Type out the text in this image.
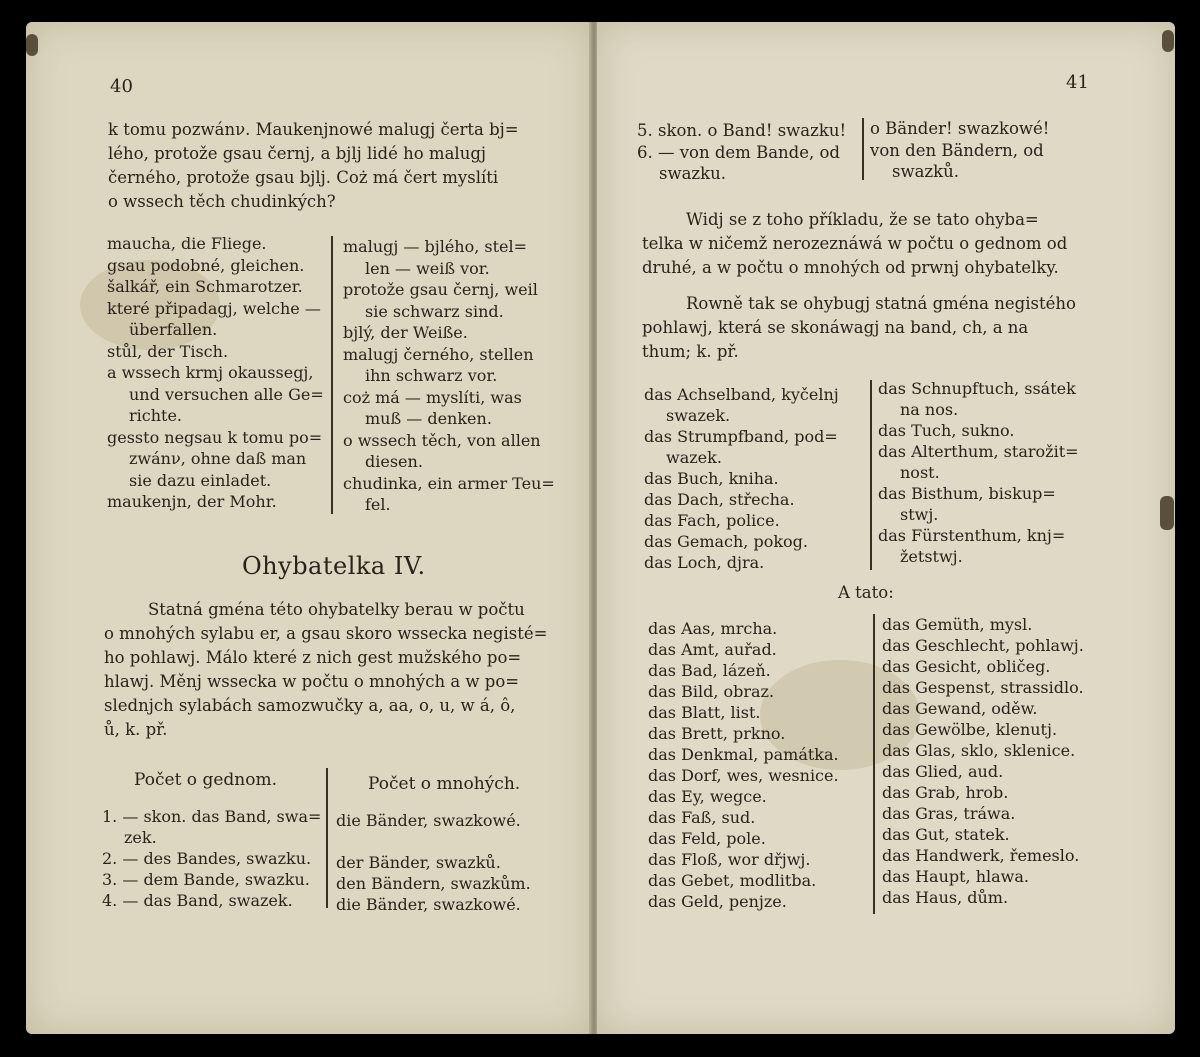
40
k tomu pozwánν. Maukenjnowé malugj čerta bj=
lého, protože gsau černj, a bjlj lidé ho malugj
černého, protože gsau bjlj. Coż má čert myslíti
o wssech těch chudinkých?
maucha, die Fliege.
gsau podobné, gleichen.
šalkář, ein Schmarotzer.
které připadagj, welche —
überfallen.
stůl, der Tisch.
a wssech krmj okaussegj,
und versuchen alle Ge=
richte.
gessto negsau k tomu po=
zwánν, ohne daß man
sie dazu einladet.
maukenjn, der Mohr.
malugj — bjlého, stel=
len — weiß vor.
protože gsau černj, weil
sie schwarz sind.
bjlý, der Weiße.
malugj černého, stellen
ihn schwarz vor.
coż má — myslíti, was
muß — denken.
o wssech těch, von allen
diesen.
chudinka, ein armer Teu=
fel.
Ohybatelka IV.
Statná gména této ohybatelky berau w počtu
o mnohých sylabu er, a gsau skoro wssecka negisté=
ho pohlawj. Málo které z nich gest mužského po=
hlawj. Měnj wssecka w počtu o mnohých a w po=
slednjch sylabách samozwučky a, aa, o, u, w á, ô,
ů, k. př.
Počet o gednom.	Počet o mnohých.
1. — skon. das Band, swa=
zek.
2. — des Bandes, swazku.
3. — dem Bande, swazku.
4. — das Band, swazek.
die Bänder, swazkowé.

der Bänder, swazků.
den Bändern, swazkům.
die Bänder, swazkowé.
41
5. skon. o Band! swazku!
6. — von dem Bande, od
swazku.
o Bänder! swazkowé!
von den Bändern, od
swazků.
Widj se z toho příkladu, že se tato ohyba=
telka w ničemž nerozeznáwá w počtu o gednom od
druhé, a w počtu o mnohých od prwnj ohybatelky.
Rowně tak se ohybugj statná gména negistého
pohlawj, která se skonáwagj na band, ch, a na
thum; k. př.
das Achselband, kyčelnj
swazek.
das Strumpfband, pod=
wazek.
das Buch, kniha.
das Dach, střecha.
das Fach, police.
das Gemach, pokog.
das Loch, djra.
das Schnupftuch, ssátek
na nos.
das Tuch, sukno.
das Alterthum, starožit=
nost.
das Bisthum, biskup=
stwj.
das Fürstenthum, knj=
žetstwj.
A tato:
das Aas, mrcha.
das Amt, auřad.
das Bad, lázeň.
das Bild, obraz.
das Blatt, list.
das Brett, prkno.
das Denkmal, památka.
das Dorf, wes, wesnice.
das Ey, wegce.
das Faß, sud.
das Feld, pole.
das Floß, wor dřjwj.
das Gebet, modlitba.
das Geld, penjze.
das Gemüth, mysl.
das Geschlecht, pohlawj.
das Gesicht, obličeg.
das Gespenst, strassidlo.
das Gewand, oděw.
das Gewölbe, klenutj.
das Glas, sklo, sklenice.
das Glied, aud.
das Grab, hrob.
das Gras, tráwa.
das Gut, statek.
das Handwerk, řemeslo.
das Haupt, hlawa.
das Haus, dům.
